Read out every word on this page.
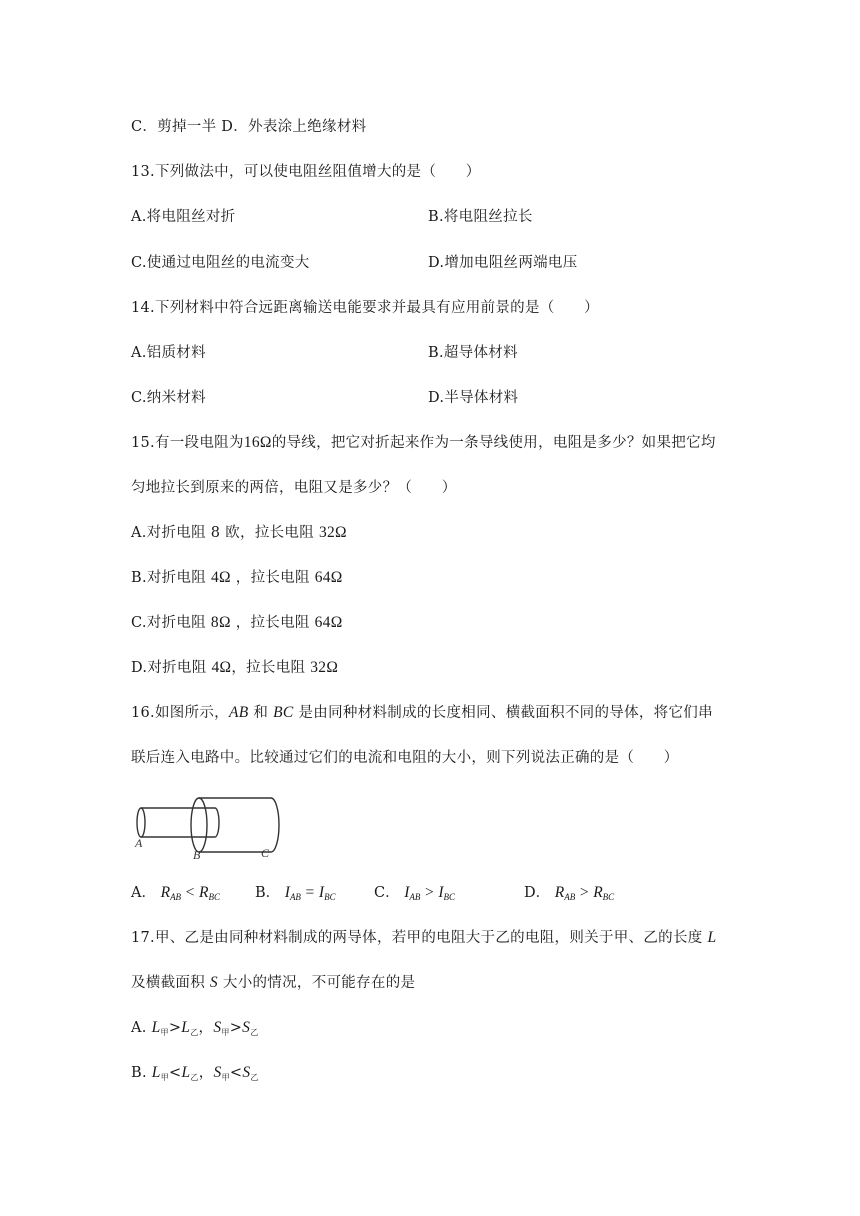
C．剪掉一半 D．外表涂上绝缘材料
13.下列做法中，可以使电阻丝阻值增大的是（　　）
A.将电阻丝对折	B.将电阻丝拉长
C.使通过电阻丝的电流变大	D.增加电阻丝两端电压
14.下列材料中符合远距离输送电能要求并最具有应用前景的是（　　）
A.铝质材料	B.超导体材料
C.纳米材料	D.半导体材料
15.有一段电阻为16Ω的导线，把它对折起来作为一条导线使用，电阻是多少？如果把它均
匀地拉长到原来的两倍，电阻又是多少？（　　）
A.对折电阻 8 欧，拉长电阻 32Ω
B.对折电阻 4Ω ，拉长电阻 64Ω
C.对折电阻 8Ω ，拉长电阻 64Ω
D.对折电阻 4Ω，拉长电阻 32Ω
16.如图所示，AB 和 BC 是由同种材料制成的长度相同、横截面积不同的导体，将它们串
联后连入电路中。比较通过它们的电流和电阻的大小，则下列说法正确的是（　　）
A
B	C
A． $R_{AB} < R_{BC}$ B． $I_{AB} = I_{BC}$	C． $I_{AB} > I_{BC}$	D． $R_{AB} > R_{BC}$
17.甲、乙是由同种材料制成的两导体，若甲的电阻大于乙的电阻，则关于甲、乙的长度 L
及横截面积 S 大小的情况，不可能存在的是
A. $L_甲>L_乙$，$S_甲>S_乙$
B. $L_甲<L_乙$，$S_甲<S_乙$
